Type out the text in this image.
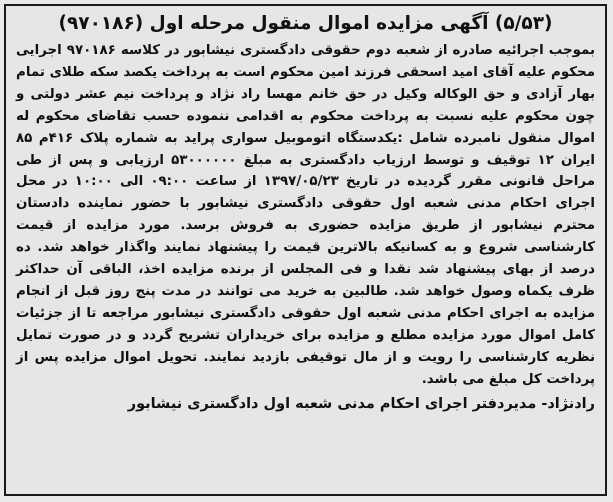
(۵/۵۳) آگهی مزایده اموال منقول مرحله اول (۹۷۰۱۸۶)

بموجب اجرائیه صادره از شعبه دوم حقوقی دادگستری نیشابور در کلاسه ۹۷۰۱۸۶ اجرایی محکوم علیه آقای امید اسحقی فرزند امین محکوم است به پرداخت یکصد سکه طلای تمام بهار آزادی و حق الوکاله وکیل در حق خانم مهسا راد نژاد و پرداخت نیم عشر دولتی و چون محکوم علیه نسبت به پرداخت محکوم به اقدامی ننموده حسب تقاضای محکوم له اموال منقول نامبرده شامل :یکدستگاه اتوموبیل سواری پراید به شماره پلاک ۴۱۶م ۸۵ ایران ۱۲ توقیف و توسط ارزیاب دادگستری به مبلغ ۵۳۰۰۰۰۰۰ ارزیابی و پس از طی مراحل قانونی مقرر گردیده در تاریخ ۱۳۹۷/۰۵/۲۳ از ساعت ۰۹:۰۰ الی ۱۰:۰۰ در محل اجرای احکام مدنی شعبه اول حقوقی دادگستری نیشابور با حضور نماینده دادستان محترم نیشابور از طریق مزایده حضوری به فروش برسد. مورد مزایده از قیمت کارشناسی شروع و به کسانیکه بالاترین قیمت را پیشنهاد نمایند واگذار خواهد شد. ده درصد از بهای پیشنهاد شد نقدا و فی المجلس از برنده مزایده اخذ، الباقی آن حداکثر ظرف یکماه وصول خواهد شد. طالبین به خرید می توانند در مدت پنج روز قبل از انجام مزایده به اجرای احکام مدنی شعبه اول حقوقی دادگستری نیشابور مراجعه تا از جزئیات کامل اموال مورد مزایده مطلع و مزایده برای خریداران تشریح گردد و در صورت تمایل نظریه کارشناسی را رویت و از مال توقیفی بازدید نمایند. تحویل اموال مزایده پس از پرداخت کل مبلغ می باشد.

رادنژاد- مدیردفتر اجرای احکام مدنی شعبه اول دادگستری نیشابور
